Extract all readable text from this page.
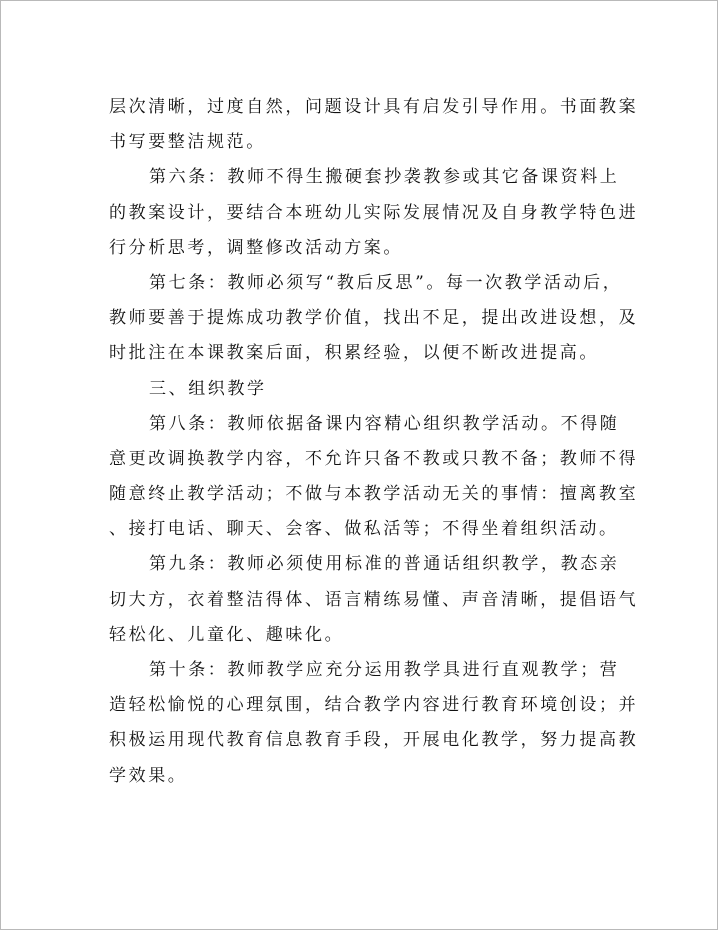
层次清晰，过度自然，问题设计具有启发引导作用。书面教案
书写要整洁规范。
第六条：教师不得生搬硬套抄袭教参或其它备课资料上
的教案设计，要结合本班幼儿实际发展情况及自身教学特色进
行分析思考，调整修改活动方案。
第七条：教师必须写“教后反思”。每一次教学活动后，
教师要善于提炼成功教学价值，找出不足，提出改进设想，及
时批注在本课教案后面，积累经验，以便不断改进提高。
三、组织教学
第八条：教师依据备课内容精心组织教学活动。不得随
意更改调换教学内容，不允许只备不教或只教不备；教师不得
随意终止教学活动；不做与本教学活动无关的事情：擅离教室
、接打电话、聊天、会客、做私活等；不得坐着组织活动。
第九条：教师必须使用标准的普通话组织教学，教态亲
切大方，衣着整洁得体、语言精练易懂、声音清晰，提倡语气
轻松化、儿童化、趣味化。
第十条：教师教学应充分运用教学具进行直观教学；营
造轻松愉悦的心理氛围，结合教学内容进行教育环境创设；并
积极运用现代教育信息教育手段，开展电化教学，努力提高教
学效果。
